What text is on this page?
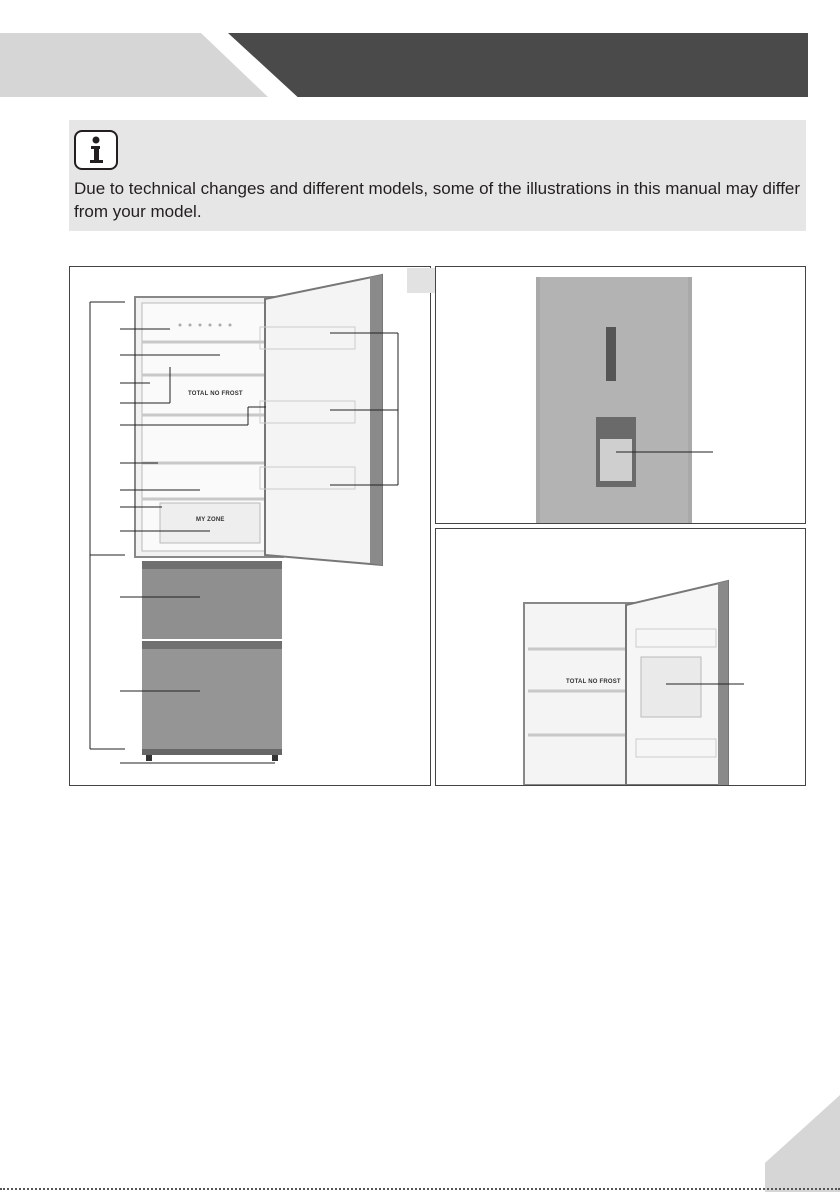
Due to technical changes and different models, some of the illustrations in this manual may differ from your model.
TOTAL NO FROST
MY ZONE
TOTAL NO FROST
